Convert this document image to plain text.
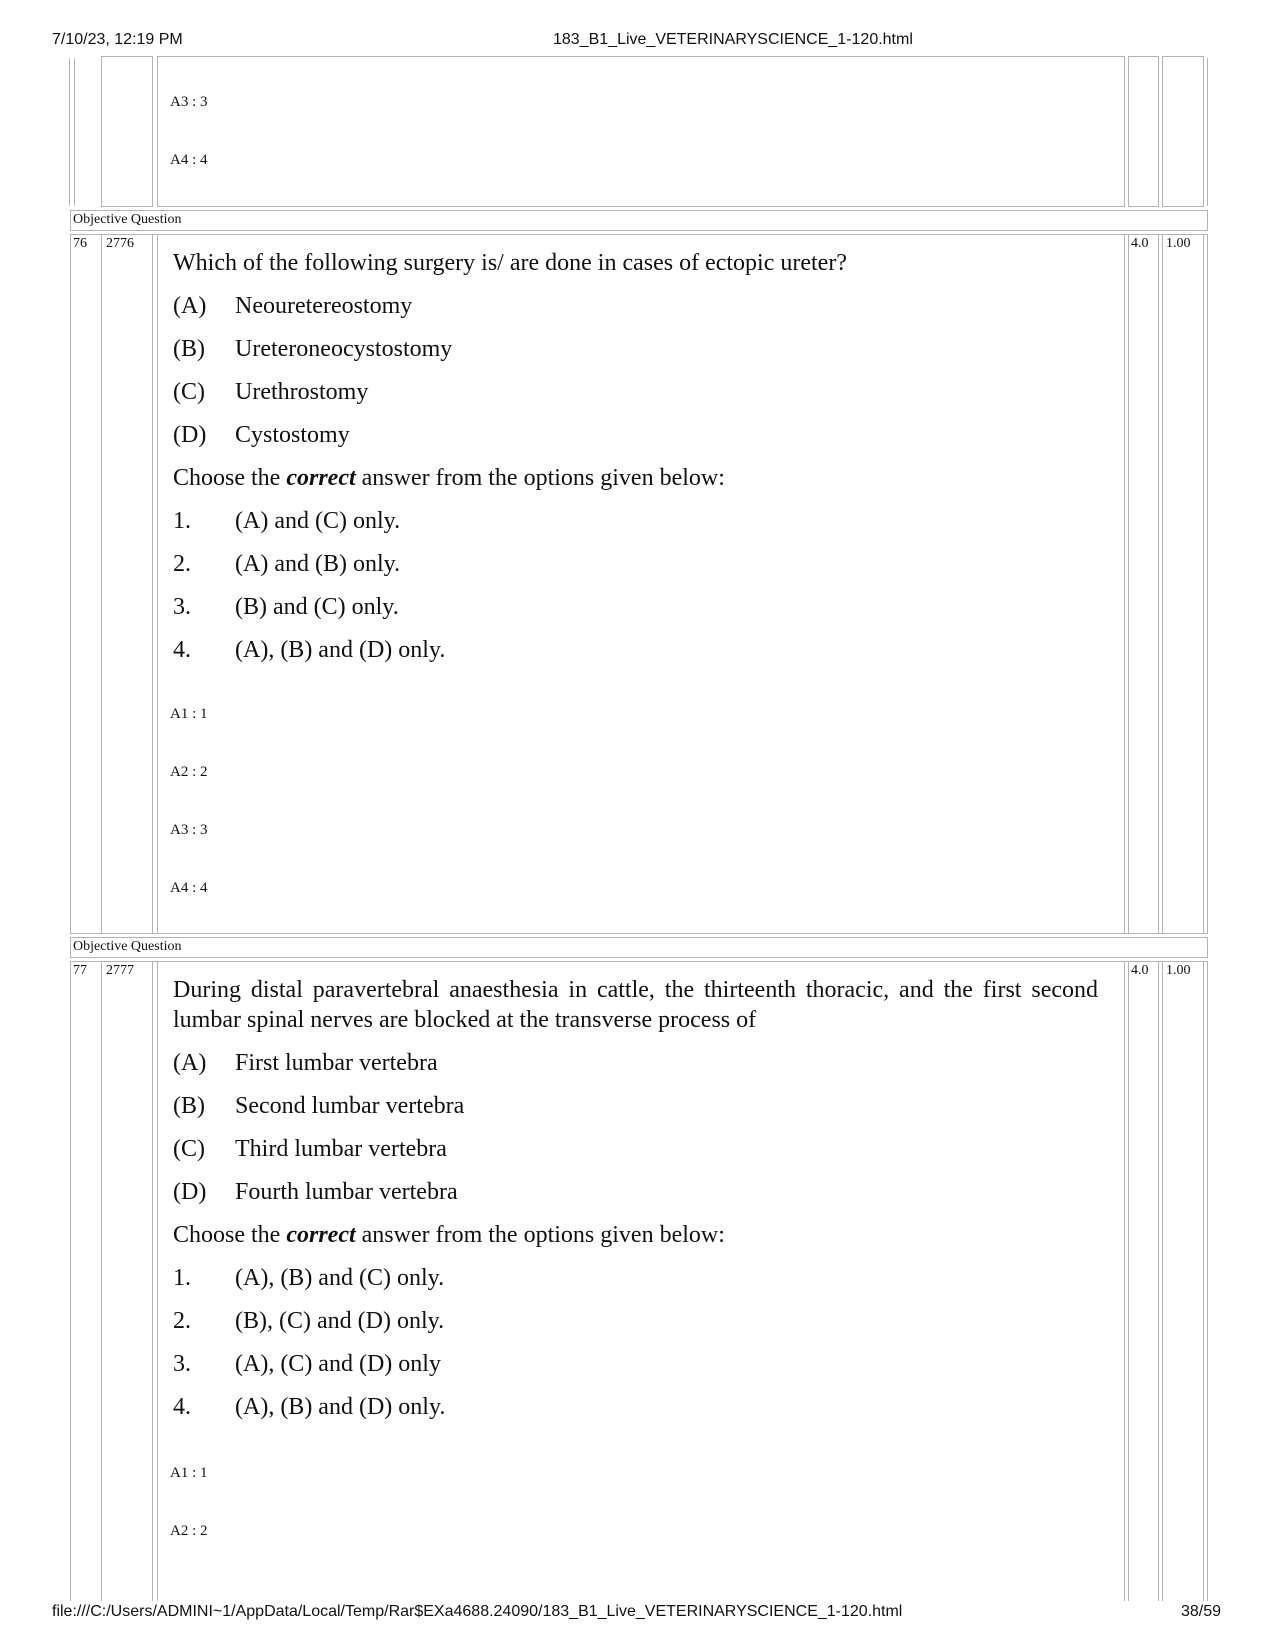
7/10/23, 12:19 PM	183_B1_Live_VETERINARYSCIENCE_1-120.html
A3 : 3
A4 : 4
Objective Question
76 2776	4.0 1.00
Which of the following surgery is/ are done in cases of ectopic ureter?
(A) Neouretereostomy
(B) Ureteroneocystostomy
(C) Urethrostomy
(D) Cystostomy
Choose the correct answer from the options given below:
1. (A) and (C) only.
2. (A) and (B) only.
3. (B) and (C) only.
4. (A), (B) and (D) only.
A1 : 1
A2 : 2
A3 : 3
A4 : 4
Objective Question
77 2777	4.0 1.00
During distal paravertebral anaesthesia in cattle, the thirteenth thoracic, and the first second lumbar spinal nerves are blocked at the transverse process of
(A) First lumbar vertebra
(B) Second lumbar vertebra
(C) Third lumbar vertebra
(D) Fourth lumbar vertebra
Choose the correct answer from the options given below:
1. (A), (B) and (C) only.
2. (B), (C) and (D) only.
3. (A), (C) and (D) only
4. (A), (B) and (D) only.
A1 : 1
A2 : 2
file:///C:/Users/ADMINI~1/AppData/Local/Temp/Rar$EXa4688.24090/183_B1_Live_VETERINARYSCIENCE_1-120.html	38/59
